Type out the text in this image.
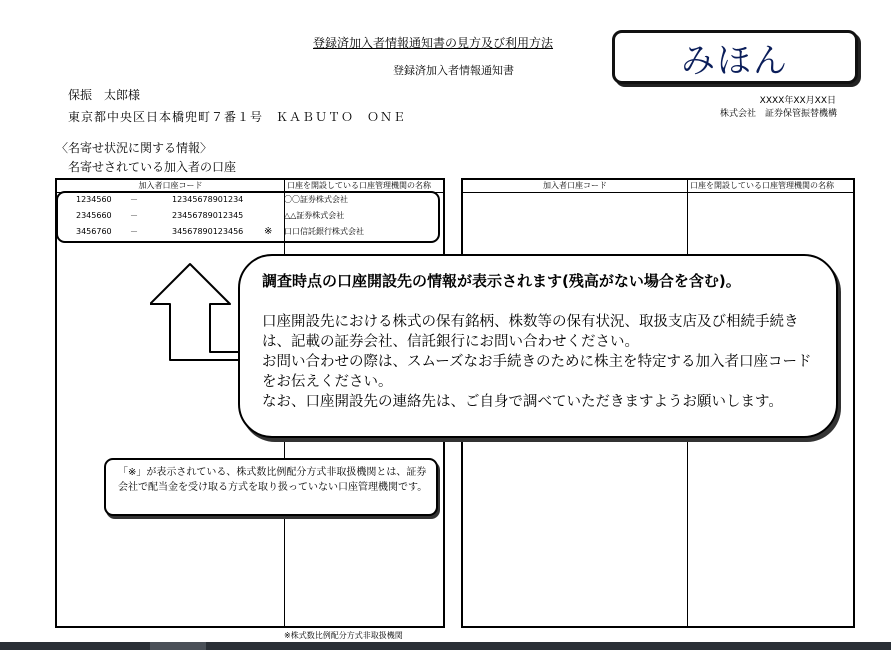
登録済加入者情報通知書の見方及び利用方法
登録済加入者情報通知書	みほん
XXXX年XX月XX日
株式会社　証券保管振替機構
保振　太郎様
東京都中央区日本橋兜町７番１号　ＫＡＢＵＴＯ　ＯＮＥ
〈名寄せ状況に関する情報〉
名寄せされている加入者の口座
加入者口座コード	口座を開設している口座管理機関の名称	加入者口座コード	口座を開設している口座管理機関の名称
1234560 －	12345678901234	〇〇証券株式会社
2345660 －	23456789012345	△△証券株式会社
3456760 －	34567890123456 ※ 口口信託銀行株式会社
調査時点の口座開設先の情報が表示されます(残高がない場合を含む)。

口座開設先における株式の保有銘柄、株数等の保有状況、取扱支店及び相続手続きは、記載の証券会社、信託銀行にお問い合わせください。

お問い合わせの際は、スムーズなお手続きのために株主を特定する加入者口座コードをお伝えください。

なお、口座開設先の連絡先は、ご自身で調べていただきますようお願いします。

「※」が表示されている、株式数比例配分方式非取扱機関とは、証券会社で配当金を受け取る方式を取り扱っていない口座管理機関です。
※株式数比例配分方式非取扱機関
